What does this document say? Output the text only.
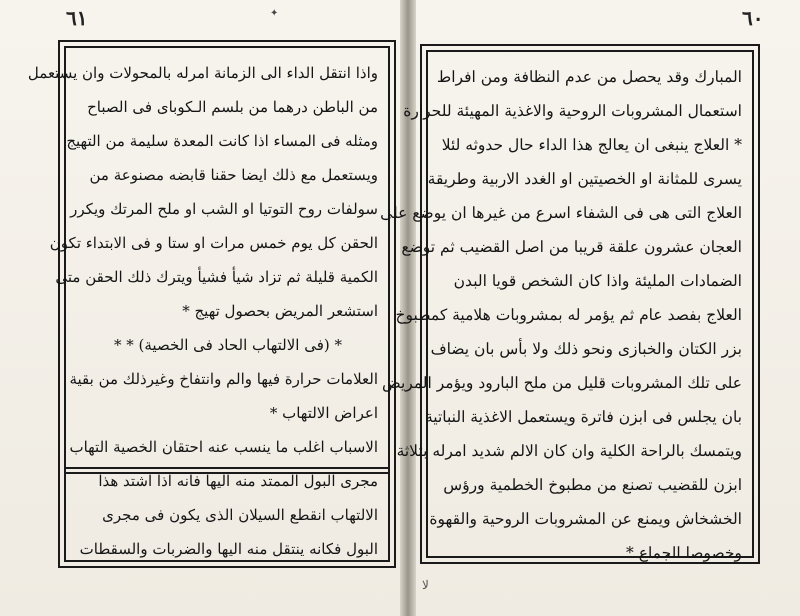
٦١	٦٠
واذا انتقل الداء الى الزمانة امرله بالمحولات وان يستعمل
من الباطن درهما من بلسم الـكوباى فى الصباح
ومثله فى المساء اذا كانت المعدة سليمة من التهيج
ويستعمل مع ذلك ايضا حقنا قابضه مصنوعة من
سولفات روح التوتيا او الشب او ملح المرتك ويكرر
الحقن كل يوم خمس مرات او ستا و فى الابتداء تكون
الكمية قليلة ثم تزاد شيأ فشيأ ويترك ذلك الحقن متى
استشعر المريض بحصول تهيج *
* (فى الالتهاب الحاد فى الخصية) * *
العلامات حرارة فيها والم وانتفاخ وغيرذلك من بقية
اعراض الالتهاب *
الاسباب اغلب ما ينسب عنه احتقان الخصية التهاب
مجرى البول الممتد منه اليها فانه اذا اشتد هذا
الالتهاب انقطع السيلان الذى يكون فى مجرى
البول فكانه ينتقل منه اليها والضربات والسقطات
المبارك وقد يحصل من عدم النظافة ومن افراط
استعمال المشروبات الروحية والاغذية المهيئة للحرارة
* العلاج ينبغى ان يعالج هذا الداء حال حدوثه لئلا
يسرى للمثانة او الخصيتين او الغدد الاربية وطريقة
العلاج التى هى فى الشفاء اسرع من غيرها ان يوضع على
العجان عشرون علقة قريبا من اصل القضيب ثم توضع
الضمادات المليئة واذا كان الشخص قويا البدن
العلاج بفصد عام ثم يؤمر له بمشروبات هلامية كمطبوخ
بزر الكتان والخبازى ونحو ذلك ولا بأس بان يضاف
على تلك المشروبات قليل من ملح البارود ويؤمر المريض
بان يجلس فى ابزن فاترة ويستعمل الاغذية النباتية
ويتمسك بالراحة الكلية وان كان الالم شديد امرله بثلاثة
ابزن للقضيب تصنع من مطبوخ الخطمية ورؤس
الخشخاش ويمنع عن المشروبات الروحية والقهوة
وخصوصا الجماع *
✦
ﻻ
